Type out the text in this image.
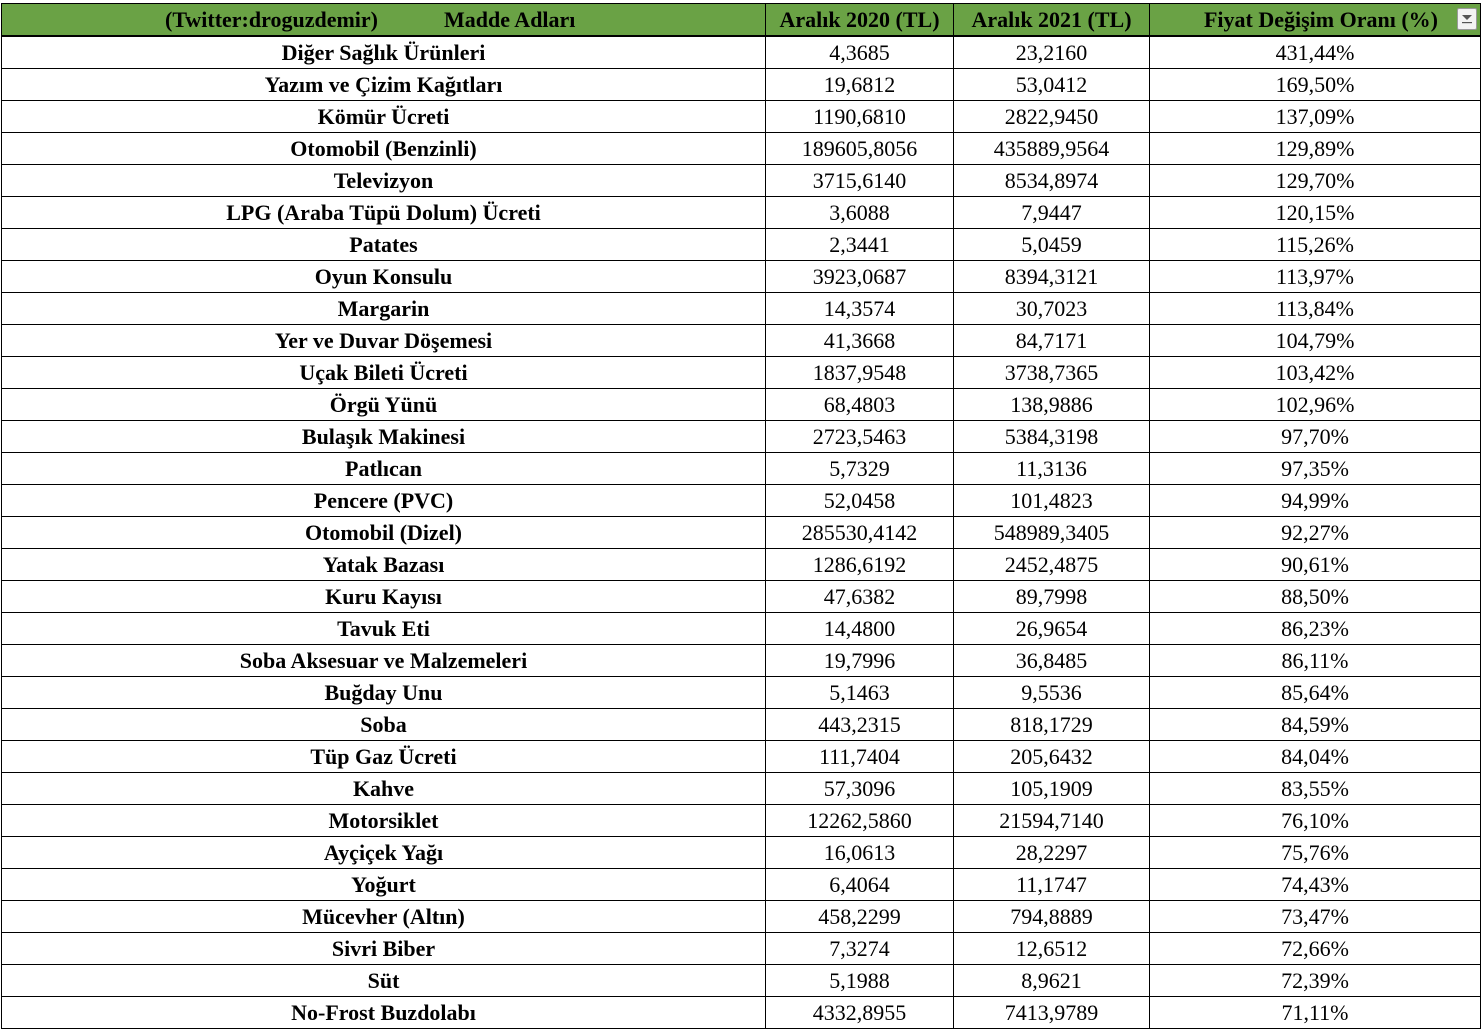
(Twitter:droguzdemir) Madde Adları	Aralık 2020 (TL)	Aralık 2021 (TL)	Fiyat Değişim Oranı (%)

Diğer Sağlık Ürünleri	4,3685	23,2160	431,44%
Yazım ve Çizim Kağıtları	19,6812	53,0412	169,50%
Kömür Ücreti	1190,6810	2822,9450	137,09%
Otomobil (Benzinli)	189605,8056	435889,9564	129,89%
Televizyon	3715,6140	8534,8974	129,70%
LPG (Araba Tüpü Dolum) Ücreti	3,6088	7,9447	120,15%
Patates	2,3441	5,0459	115,26%
Oyun Konsulu	3923,0687	8394,3121	113,97%
Margarin	14,3574	30,7023	113,84%
Yer ve Duvar Döşemesi	41,3668	84,7171	104,79%
Uçak Bileti Ücreti	1837,9548	3738,7365	103,42%
Örgü Yünü	68,4803	138,9886	102,96%
Bulaşık Makinesi	2723,5463	5384,3198	97,70%
Patlıcan	5,7329	11,3136	97,35%
Pencere (PVC)	52,0458	101,4823	94,99%
Otomobil (Dizel)	285530,4142	548989,3405	92,27%
Yatak Bazası	1286,6192	2452,4875	90,61%
Kuru Kayısı	47,6382	89,7998	88,50%
Tavuk Eti	14,4800	26,9654	86,23%
Soba Aksesuar ve Malzemeleri	19,7996	36,8485	86,11%
Buğday Unu	5,1463	9,5536	85,64%
Soba	443,2315	818,1729	84,59%
Tüp Gaz Ücreti	111,7404	205,6432	84,04%
Kahve	57,3096	105,1909	83,55%
Motorsiklet	12262,5860	21594,7140	76,10%
Ayçiçek Yağı	16,0613	28,2297	75,76%
Yoğurt	6,4064	11,1747	74,43%
Mücevher (Altın)	458,2299	794,8889	73,47%
Sivri Biber	7,3274	12,6512	72,66%
Süt	5,1988	8,9621	72,39%
No-Frost Buzdolabı	4332,8955	7413,9789	71,11%
